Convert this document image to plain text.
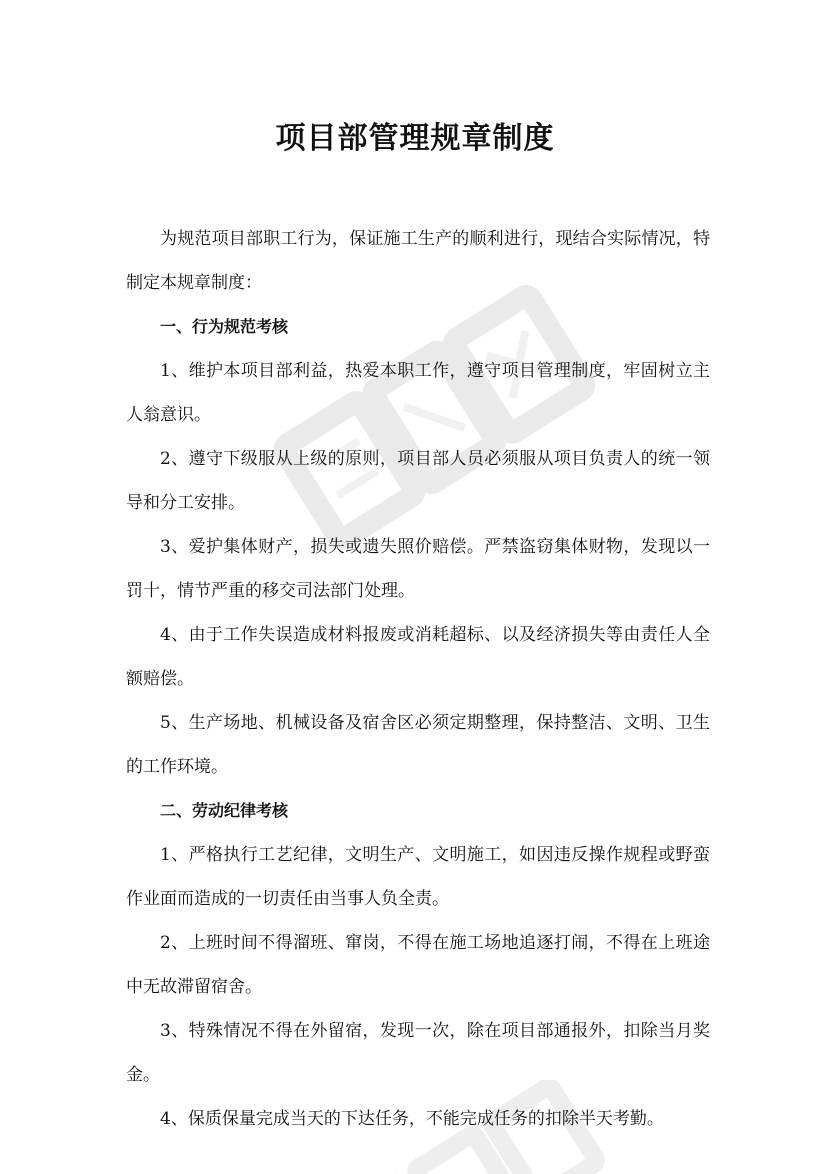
项目部管理规章制度

为规范项目部职工行为，保证施工生产的顺利进行，现结合实际情况，特制定本规章制度：

一、行为规范考核

1、维护本项目部利益，热爱本职工作，遵守项目管理制度，牢固树立主人翁意识。

2、遵守下级服从上级的原则，项目部人员必须服从项目负责人的统一领导和分工安排。

3、爱护集体财产，损失或遗失照价赔偿。严禁盗窃集体财物，发现以一罚十，情节严重的移交司法部门处理。

4、由于工作失误造成材料报废或消耗超标、以及经济损失等由责任人全额赔偿。

5、生产场地、机械设备及宿舍区必须定期整理，保持整洁、文明、卫生的工作环境。

二、劳动纪律考核

1、严格执行工艺纪律，文明生产、文明施工，如因违反操作规程或野蛮作业面而造成的一切责任由当事人负全责。

2、上班时间不得溜班、窜岗，不得在施工场地追逐打闹，不得在上班途中无故滞留宿舍。

3、特殊情况不得在外留宿，发现一次，除在项目部通报外，扣除当月奖金。

4、保质保量完成当天的下达任务，不能完成任务的扣除半天考勤。
